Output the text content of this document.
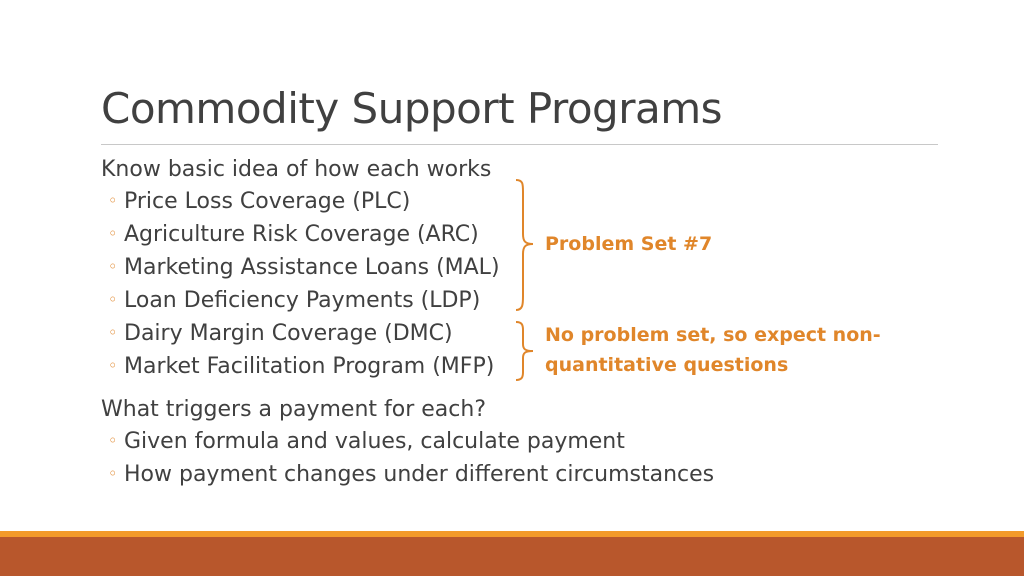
Commodity Support Programs
Know basic idea of how each works
◦ Price Loss Coverage (PLC)
◦ Agriculture Risk Coverage (ARC)
◦ Marketing Assistance Loans (MAL)
◦ Loan Deficiency Payments (LDP)
◦ Dairy Margin Coverage (DMC)
◦ Market Facilitation Program (MFP)
Problem Set #7
No problem set, so expect non-
quantitative questions
What triggers a payment for each?
◦ Given formula and values, calculate payment
◦ How payment changes under different circumstances
